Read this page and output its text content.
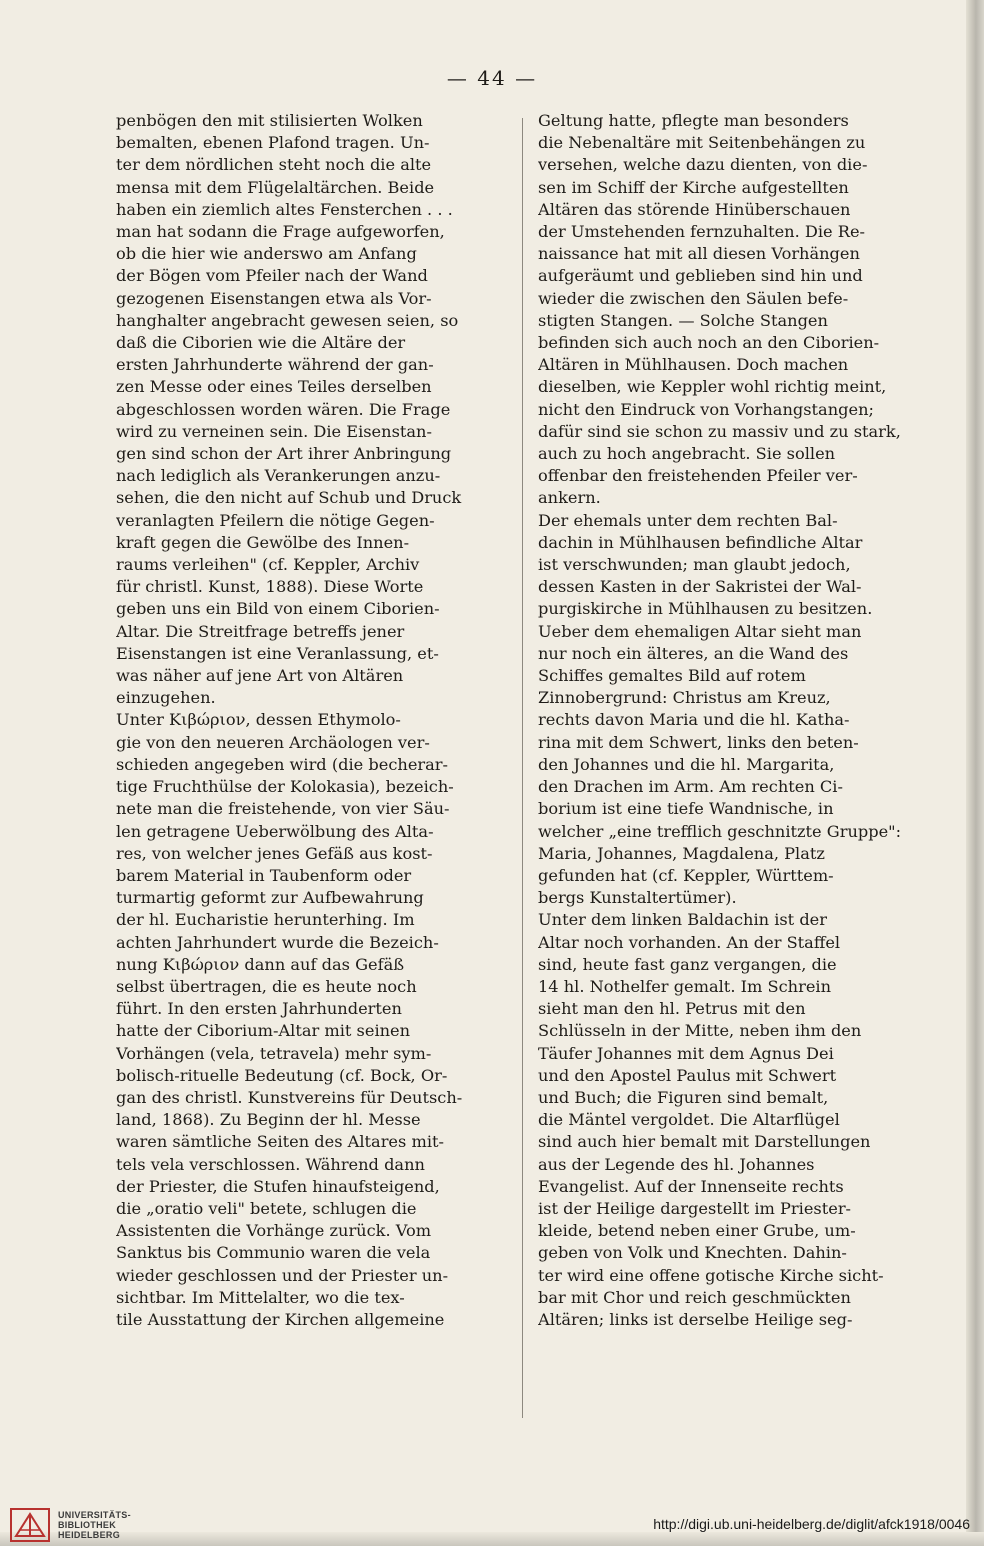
— 44 —
penbögen den mit stilisierten Wolken
bemalten, ebenen Plafond tragen. Un-
ter dem nördlichen steht noch die alte
mensa mit dem Flügelaltärchen. Beide
haben ein ziemlich altes Fensterchen . . .
man hat sodann die Frage aufgeworfen,
ob die hier wie anderswo am Anfang
der Bögen vom Pfeiler nach der Wand
gezogenen Eisenstangen etwa als Vor-
hanghalter angebracht gewesen seien, so
daß die Ciborien wie die Altäre der
ersten Jahrhunderte während der gan-
zen Messe oder eines Teiles derselben
abgeschlossen worden wären. Die Frage
wird zu verneinen sein. Die Eisenstan-
gen sind schon der Art ihrer Anbringung
nach lediglich als Verankerungen anzu-
sehen, die den nicht auf Schub und Druck
veranlagten Pfeilern die nötige Gegen-
kraft gegen die Gewölbe des Innen-
raums verleihen" (cf. Keppler, Archiv
für christl. Kunst, 1888). Diese Worte
geben uns ein Bild von einem Ciborien-
Altar. Die Streitfrage betreffs jener
Eisenstangen ist eine Veranlassung, et-
was näher auf jene Art von Altären
einzugehen.
Unter Κιβώριον, dessen Ethymolo-
gie von den neueren Archäologen ver-
schieden angegeben wird (die becherar-
tige Fruchthülse der Kolokasia), bezeich-
nete man die freistehende, von vier Säu-
len getragene Ueberwölbung des Alta-
res, von welcher jenes Gefäß aus kost-
barem Material in Taubenform oder
turmartig geformt zur Aufbewahrung
der hl. Eucharistie herunterhing. Im
achten Jahrhundert wurde die Bezeich-
nung Κιβώριον dann auf das Gefäß
selbst übertragen, die es heute noch
führt. In den ersten Jahrhunderten
hatte der Ciborium-Altar mit seinen
Vorhängen (vela, tetravela) mehr sym-
bolisch-rituelle Bedeutung (cf. Bock, Or-
gan des christl. Kunstvereins für Deutsch-
land, 1868). Zu Beginn der hl. Messe
waren sämtliche Seiten des Altares mit-
tels vela verschlossen. Während dann
der Priester, die Stufen hinaufsteigend,
die „oratio veli" betete, schlugen die
Assistenten die Vorhänge zurück. Vom
Sanktus bis Communio waren die vela
wieder geschlossen und der Priester un-
sichtbar. Im Mittelalter, wo die tex-
tile Ausstattung der Kirchen allgemeine
Geltung hatte, pflegte man besonders
die Nebenaltäre mit Seitenbehängen zu
versehen, welche dazu dienten, von die-
sen im Schiff der Kirche aufgestellten
Altären das störende Hinüberschauen
der Umstehenden fernzuhalten. Die Re-
naissance hat mit all diesen Vorhängen
aufgeräumt und geblieben sind hin und
wieder die zwischen den Säulen befe-
stigten Stangen. — Solche Stangen
befinden sich auch noch an den Ciborien-
Altären in Mühlhausen. Doch machen
dieselben, wie Keppler wohl richtig meint,
nicht den Eindruck von Vorhangstangen;
dafür sind sie schon zu massiv und zu stark,
auch zu hoch angebracht. Sie sollen
offenbar den freistehenden Pfeiler ver-
ankern.
Der ehemals unter dem rechten Bal-
dachin in Mühlhausen befindliche Altar
ist verschwunden; man glaubt jedoch,
dessen Kasten in der Sakristei der Wal-
purgiskirche in Mühlhausen zu besitzen.
Ueber dem ehemaligen Altar sieht man
nur noch ein älteres, an die Wand des
Schiffes gemaltes Bild auf rotem
Zinnobergrund: Christus am Kreuz,
rechts davon Maria und die hl. Katha-
rina mit dem Schwert, links den beten-
den Johannes und die hl. Margarita,
den Drachen im Arm. Am rechten Ci-
borium ist eine tiefe Wandnische, in
welcher „eine trefflich geschnitzte Gruppe":
Maria, Johannes, Magdalena, Platz
gefunden hat (cf. Keppler, Württem-
bergs Kunstaltertümer).
Unter dem linken Baldachin ist der
Altar noch vorhanden. An der Staffel
sind, heute fast ganz vergangen, die
14 hl. Nothelfer gemalt. Im Schrein
sieht man den hl. Petrus mit den
Schlüsseln in der Mitte, neben ihm den
Täufer Johannes mit dem Agnus Dei
und den Apostel Paulus mit Schwert
und Buch; die Figuren sind bemalt,
die Mäntel vergoldet. Die Altarflügel
sind auch hier bemalt mit Darstellungen
aus der Legende des hl. Johannes
Evangelist. Auf der Innenseite rechts
ist der Heilige dargestellt im Priester-
kleide, betend neben einer Grube, um-
geben von Volk und Knechten. Dahin-
ter wird eine offene gotische Kirche sicht-
bar mit Chor und reich geschmückten
Altären; links ist derselbe Heilige seg-
UNIVERSITÄTS-
BIBLIOTHEK
HEIDELBERG
http://digi.ub.uni-heidelberg.de/diglit/afck1918/0046
